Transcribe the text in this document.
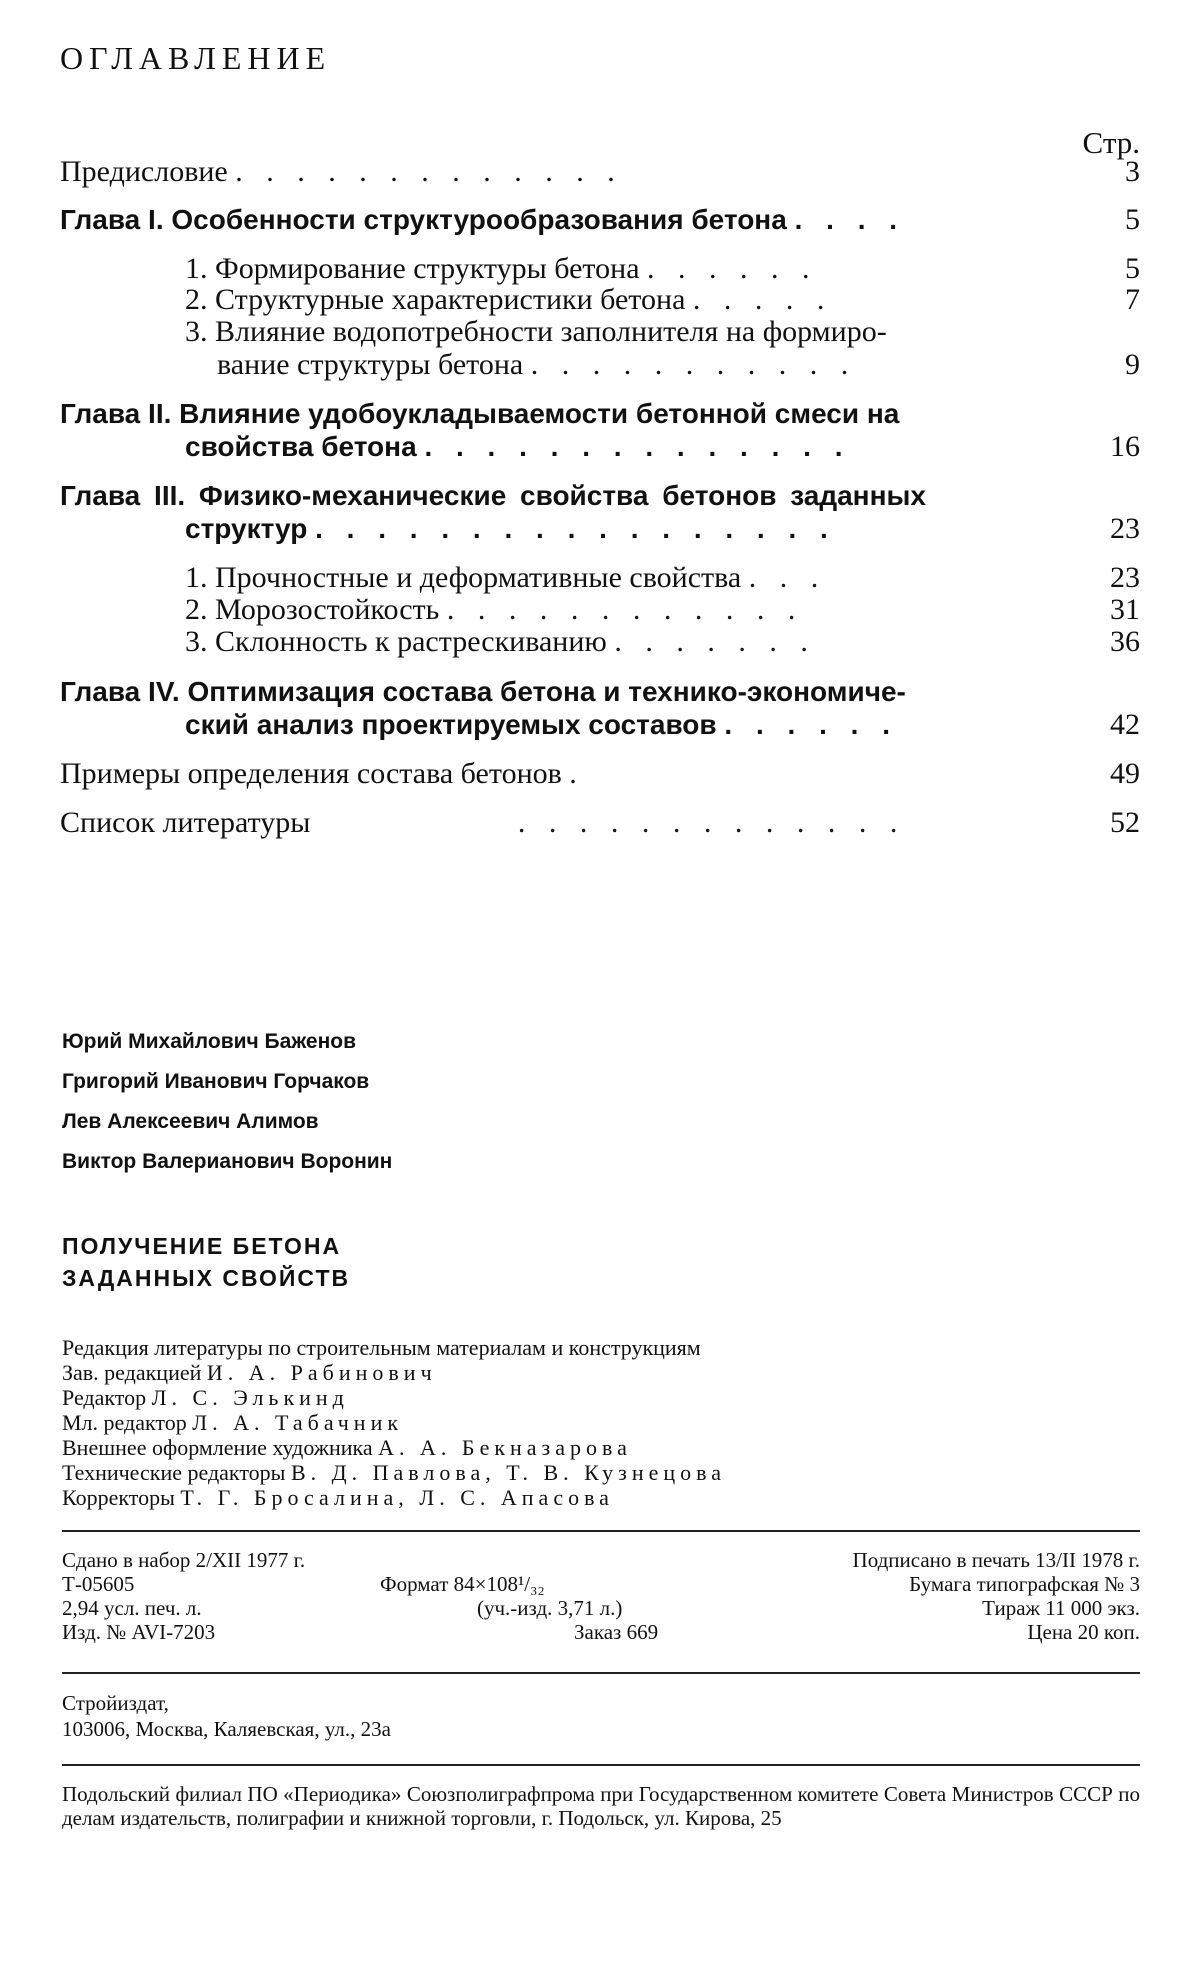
ОГЛАВЛЕНИЕ
Стр.
Предисловие . . . . . . . . . . . . .	3
Глава I. Особенности структурообразования бетона . . . .	5
1. Формирование структуры бетона . . . . . .	5
2. Структурные характеристики бетона . . . . .	7
3. Влияние водопотребности заполнителя на формиро-
вание структуры бетона . . . . . . . . . . .	9
Глава II. Влияние удобоукладываемости бетонной смеси на
свойства бетона . . . . . . . . . . . . . .	16
Глава III. Физико-механические свойства бетонов заданных
структур . . . . . . . . . . . . . . . . .	23
1. Прочностные и деформативные свойства . . .	23
2. Морозостойкость . . . . . . . . . . . .	31
3. Склонность к растрескиванию . . . . . . .	36
Глава IV. Оптимизация состава бетона и технико-экономиче-
ский анализ проектируемых составов . . . . . .	42
Примеры определения состава бетонов .	49
Список литературы	. . . . . . . . . . . . .	52
Юрий Михайлович Баженов
Григорий Иванович Горчаков
Лев Алексеевич Алимов
Виктор Валерианович Воронин
ПОЛУЧЕНИЕ БЕТОНА
ЗАДАННЫХ СВОЙСТВ
Редакция литературы по строительным материалам и конструкциям
Зав. редакцией И. А. Рабинович
Редактор Л. С. Элькинд
Мл. редактор Л. А. Табачник
Внешнее оформление художника А. А. Бекназарова
Технические редакторы В. Д. Павлова, Т. В. Кузнецова
Корректоры Т. Г. Бросалина, Л. С. Апасова
Сдано в набор 2/XII 1977 г.	Подписано в печать 13/II 1978 г.
Т-05605	Формат 84×108¹/₃₂	Бумага типографская № 3
2,94 усл. печ. л.	(уч.-изд. 3,71 л.)	Тираж 11 000 экз.
Изд. № AVI-7203	Заказ 669	Цена 20 коп.
Стройиздат,
103006, Москва, Каляевская, ул., 23а
Подольский филиал ПО «Периодика» Союзполиграфпрома при Государственном комитете Совета Министров СССР по делам издательств, полиграфии и книжной торговли, г. Подольск, ул. Кирова, 25
